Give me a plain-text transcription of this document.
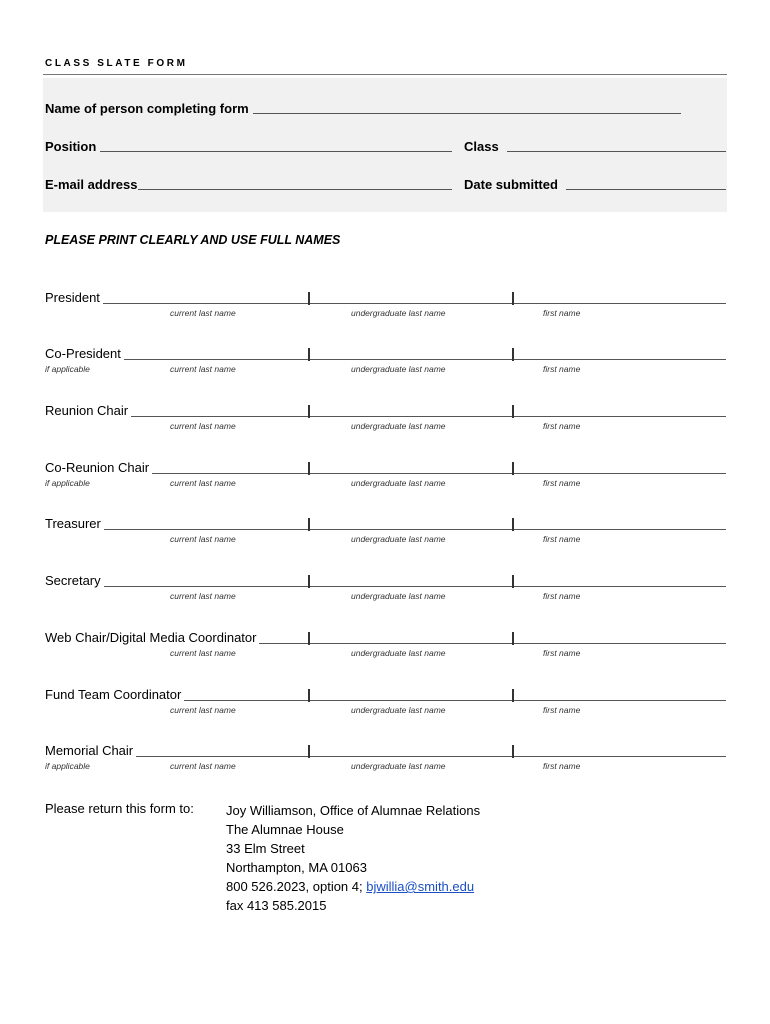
CLASS SLATE FORM
Name of person completing form
Position	Class
E-mail address	Date submitted
PLEASE PRINT CLEARLY AND USE FULL NAMES
President
current last name	undergraduate last name	first name
Co-President
if applicable	current last name	undergraduate last name	first name
Reunion Chair
current last name	undergraduate last name	first name
Co-Reunion Chair
if applicable	current last name	undergraduate last name	first name
Treasurer
current last name	undergraduate last name	first name
Secretary
current last name	undergraduate last name	first name
Web Chair/Digital Media Coordinator
current last name	undergraduate last name	first name
Fund Team Coordinator
current last name	undergraduate last name	first name
Memorial Chair
if applicable	current last name	undergraduate last name	first name
Please return this form to: Joy Williamson, Office of Alumnae Relations
The Alumnae House
33 Elm Street
Northampton, MA 01063
800 526.2023, option 4; bjwillia@smith.edu
fax 413 585.2015
